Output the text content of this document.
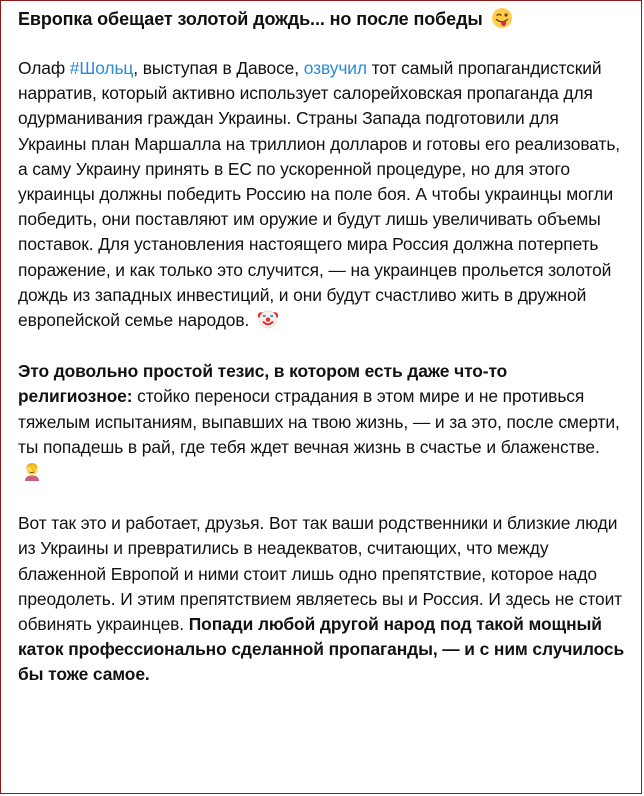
Европка обещает золотой дождь... но после победы

Олаф #Шольц, выступая в Давосе, озвучил тот самый пропагандистский нарратив, который активно использует салорейховская пропаганда для одурманивания граждан Украины. Страны Запада подготовили для Украины план Маршалла на триллион долларов и готовы его реализовать, а саму Украину принять в ЕС по ускоренной процедуре, но для этого украинцы должны победить Россию на поле боя. А чтобы украинцы могли победить, они поставляют им оружие и будут лишь увеличивать объемы поставок. Для установления настоящего мира Россия должна потерпеть поражение, и как только это случится, — на украинцев прольется золотой дождь из западных инвестиций, и они будут счастливо жить в дружной европейской семье народов.

Это довольно простой тезис, в котором есть даже что-то религиозное: стойко переноси страдания в этом мире и не противься тяжелым испытаниям, выпавших на твою жизнь, — и за это, после смерти, ты попадешь в рай, где тебя ждет вечная жизнь в счастье и блаженстве.

Вот так это и работает, друзья. Вот так ваши родственники и близкие люди из Украины и превратились в неадекватов, считающих, что между блаженной Европой и ними стоит лишь одно препятствие, которое надо преодолеть. И этим препятствием являетесь вы и Россия. И здесь не стоит обвинять украинцев. Попади любой другой народ под такой мощный каток профессионально сделанной пропаганды, — и с ним случилось бы тоже самое.
